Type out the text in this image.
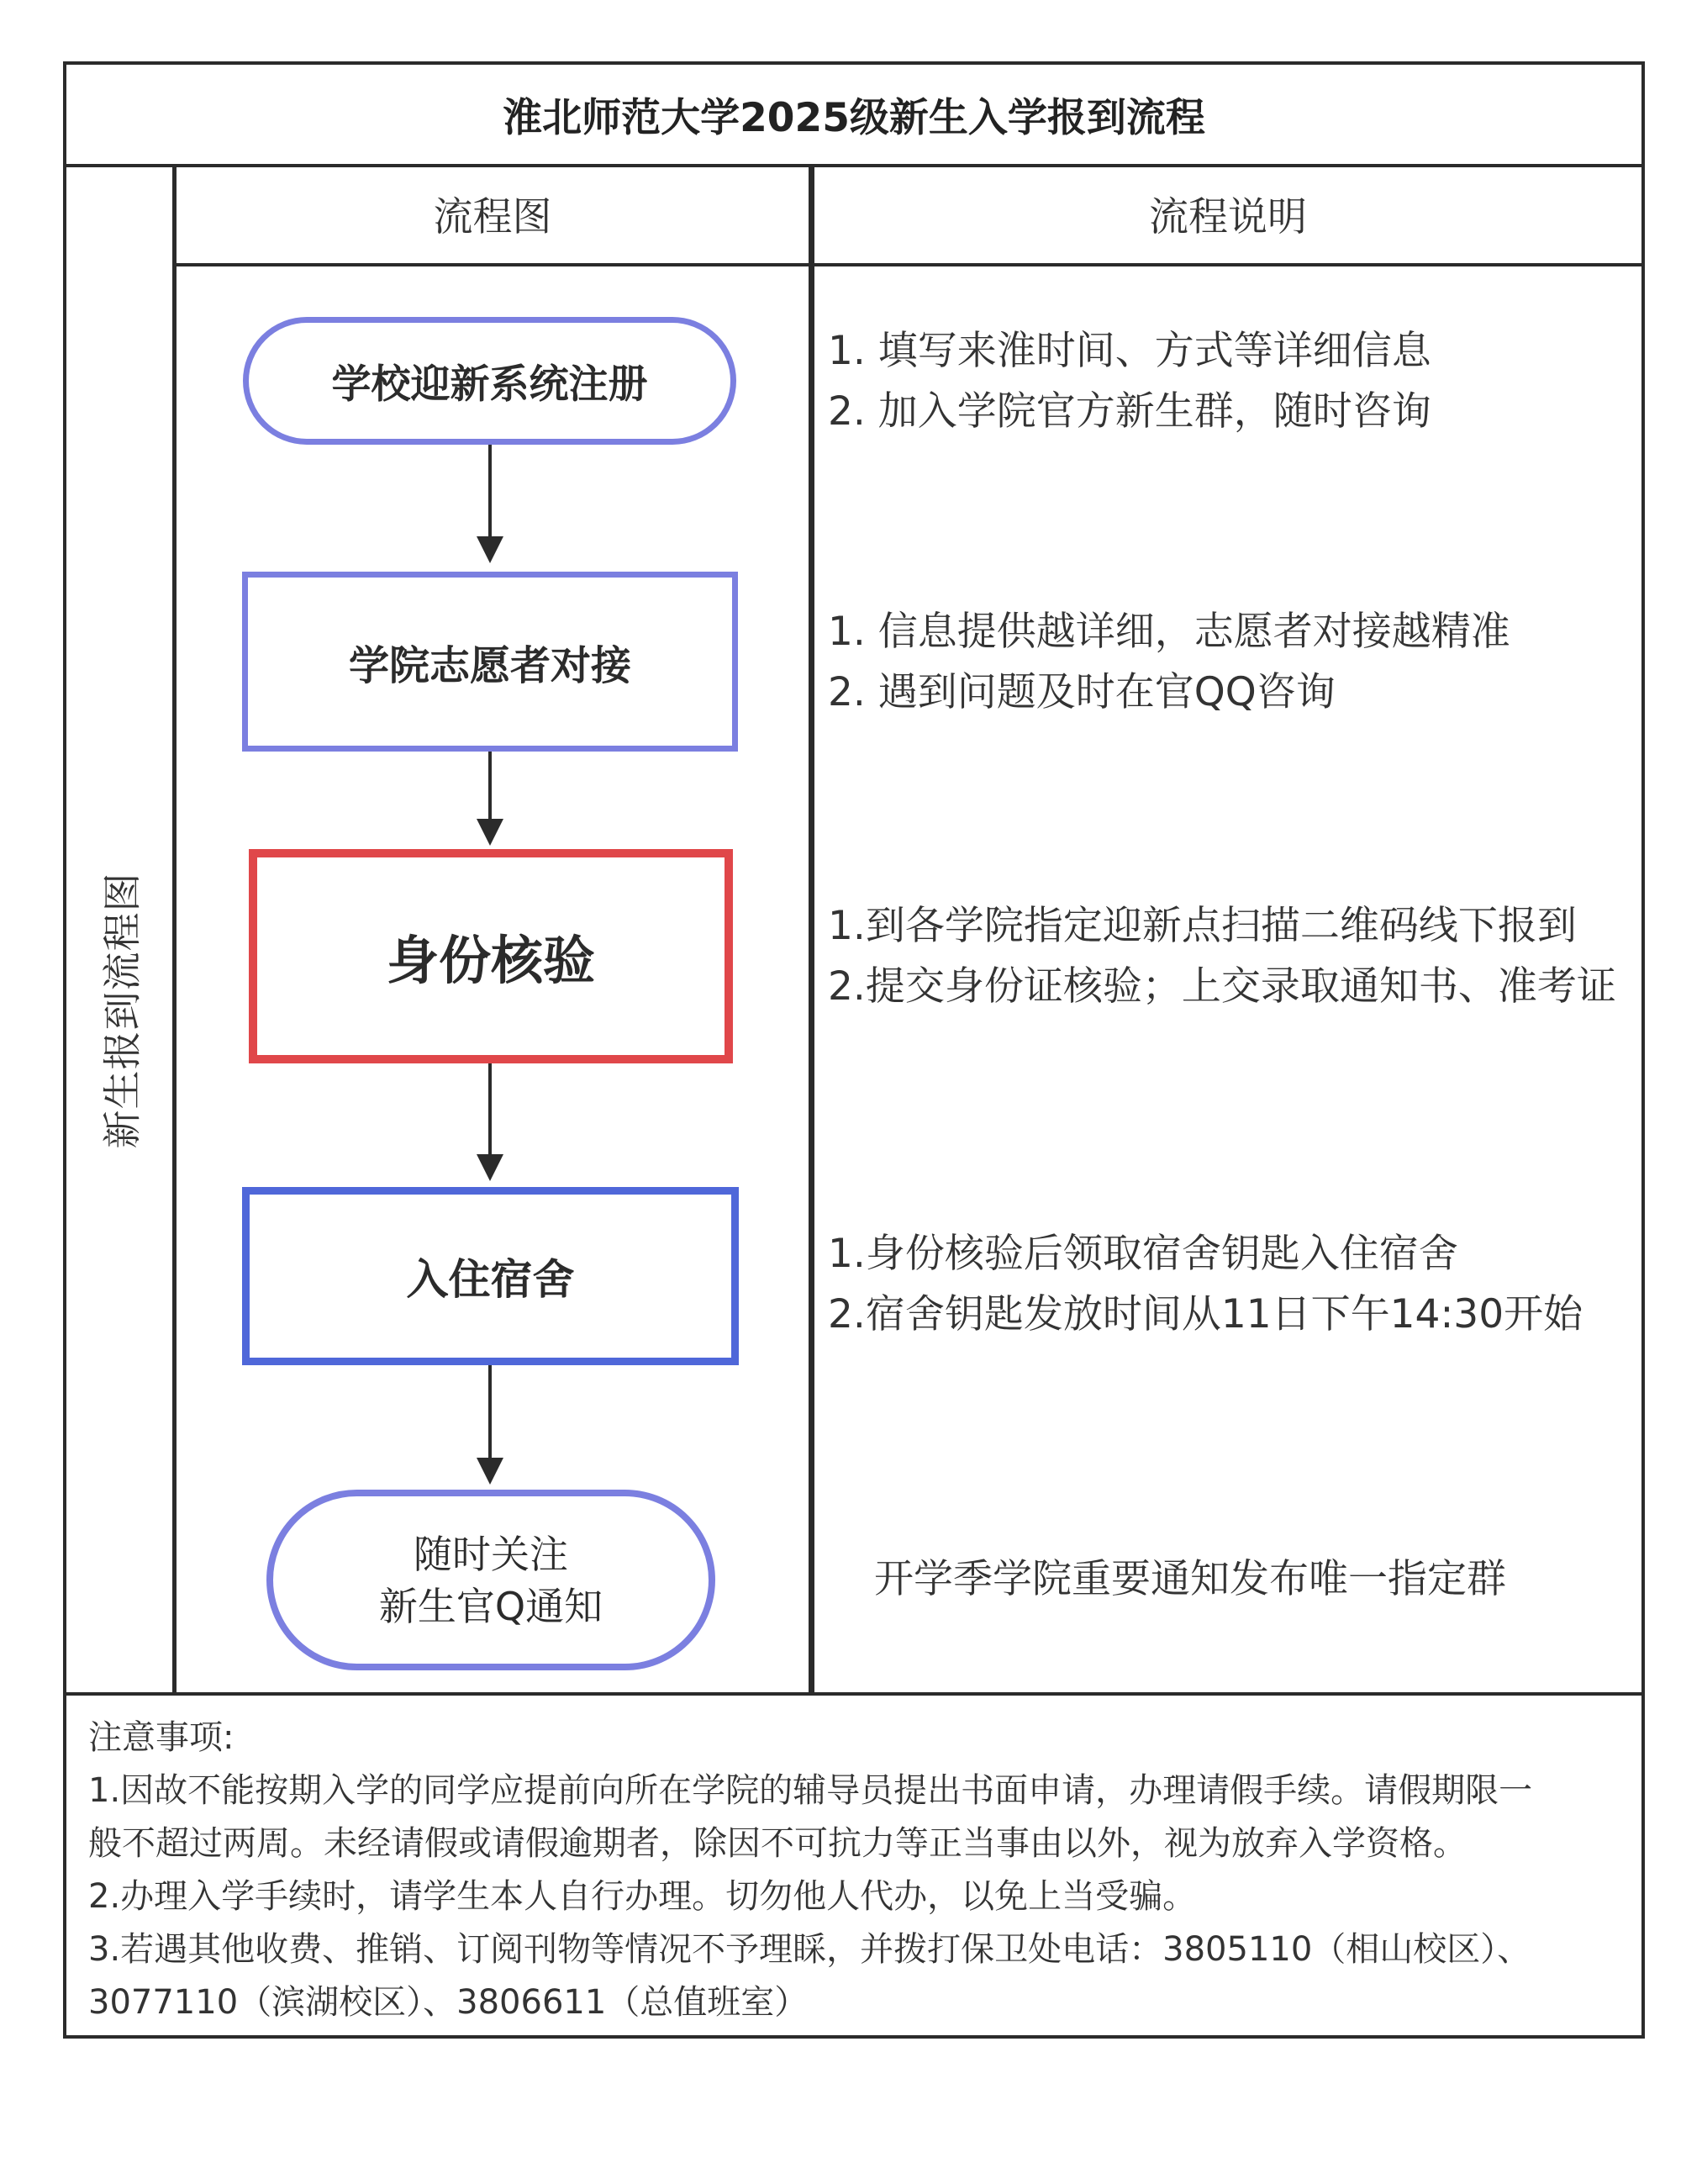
淮北师范大学2025级新生入学报到流程
流程图	流程说明
新生报到流程图
学校迎新系统注册
学院志愿者对接
身份核验
入住宿舍
随时关注
新生官Q通知
1. 填写来淮时间、方式等详细信息
2. 加入学院官方新生群，随时咨询
1. 信息提供越详细，志愿者对接越精准
2. 遇到问题及时在官QQ咨询
1.到各学院指定迎新点扫描二维码线下报到
2.提交身份证核验；上交录取通知书、准考证
1.身份核验后领取宿舍钥匙入住宿舍
2.宿舍钥匙发放时间从11日下午14:30开始
开学季学院重要通知发布唯一指定群
注意事项:
1.因故不能按期入学的同学应提前向所在学院的辅导员提出书面申请，办理请假手续。请假期限一
般不超过两周。未经请假或请假逾期者，除因不可抗力等正当事由以外，视为放弃入学资格。
2.办理入学手续时，请学生本人自行办理。切勿他人代办，以免上当受骗。
3.若遇其他收费、推销、订阅刊物等情况不予理睬，并拨打保卫处电话：3805110（相山校区）、
3077110（滨湖校区）、3806611（总值班室）
